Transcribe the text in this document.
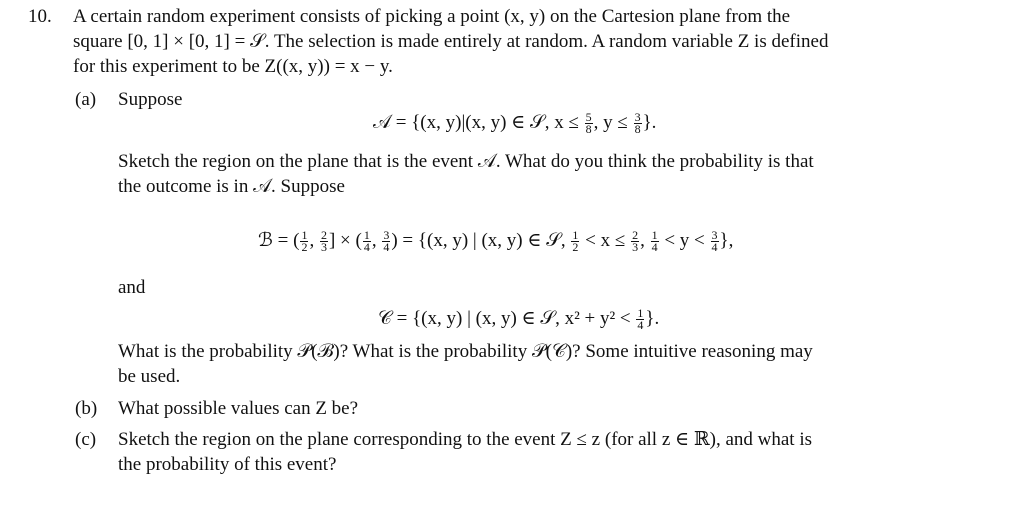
10. A certain random experiment consists of picking a point (x, y) on the Cartesion plane from the
square [0, 1] × [0, 1] = 𝒮. The selection is made entirely at random. A random variable Z is defined
for this experiment to be Z((x, y)) = x − y.
(a) Suppose
𝒜 = {(x, y)|(x, y) ∈ 𝒮, $x \le \frac{5}{8}$ , $y \le \frac{3}{8}$ }.
Sketch the region on the plane that is the event 𝒜. What do you think the probability is that
the outcome is in 𝒜. Suppose
ℬ = ( $\frac{1}{2}$ , $\frac{2}{3}$ ] × ( $\frac{1}{4}$ , $\frac{3}{4}$ ) = {(x, y) | (x, y) ∈ 𝒮, $\frac{1}{2} < x \le \frac{2}{3}$ , $\frac{1}{4} < y < \frac{3}{4}$ },
and
𝒞 = {(x, y) | (x, y) ∈ 𝒮, $x^2 + y^2 < \frac{1}{4}$ }.
What is the probability 𝒫(ℬ)? What is the probability 𝒫(𝒞)? Some intuitive reasoning may
be used.
(b) What possible values can Z be?
(c) Sketch the region on the plane corresponding to the event Z ≤ z (for all z ∈ ℝ), and what is
the probability of this event?
